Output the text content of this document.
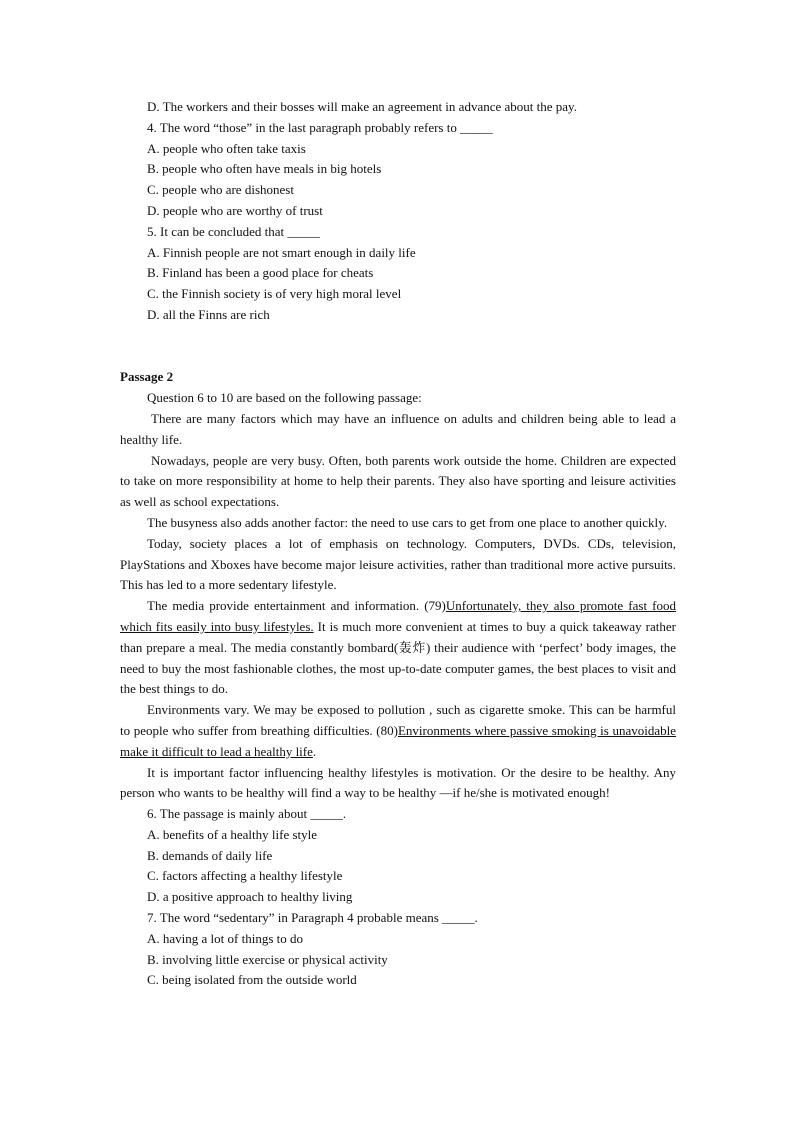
D. The workers and their bosses will make an agreement in advance about the pay.
4. The word “those” in the last paragraph probably refers to _____
A. people who often take taxis
B. people who often have meals in big hotels
C. people who are dishonest
D. people who are worthy of trust
5. It can be concluded that _____
A. Finnish people are not smart enough in daily life
B. Finland has been a good place for cheats
C. the Finnish society is of very high moral level
D. all the Finns are rich
Passage 2
Question 6 to 10 are based on the following passage:
There are many factors which may have an influence on adults and children being able to lead a healthy life.
Nowadays, people are very busy. Often, both parents work outside the home. Children are expected to take on more responsibility at home to help their parents. They also have sporting and leisure activities as well as school expectations.
The busyness also adds another factor: the need to use cars to get from one place to another quickly.
Today, society places a lot of emphasis on technology. Computers, DVDs. CDs, television, PlayStations and Xboxes have become major leisure activities, rather than traditional more active pursuits. This has led to a more sedentary lifestyle.
The media provide entertainment and information. (79)Unfortunately, they also promote fast food which fits easily into busy lifestyles. It is much more convenient at times to buy a quick takeaway rather than prepare a meal. The media constantly bombard(轰炸) their audience with ‘perfect’ body images, the need to buy the most fashionable clothes, the most up-to-date computer games, the best places to visit and the best things to do.
Environments vary. We may be exposed to pollution , such as cigarette smoke. This can be harmful to people who suffer from breathing difficulties. (80)Environments where passive smoking is unavoidable make it difficult to lead a healthy life.
It is important factor influencing healthy lifestyles is motivation. Or the desire to be healthy. Any person who wants to be healthy will find a way to be healthy —if he/she is motivated enough!
6. The passage is mainly about _____.
A. benefits of a healthy life style
B. demands of daily life
C. factors affecting a healthy lifestyle
D. a positive approach to healthy living
7. The word “sedentary” in Paragraph 4 probable means _____.
A. having a lot of things to do
B. involving little exercise or physical activity
C. being isolated from the outside world
